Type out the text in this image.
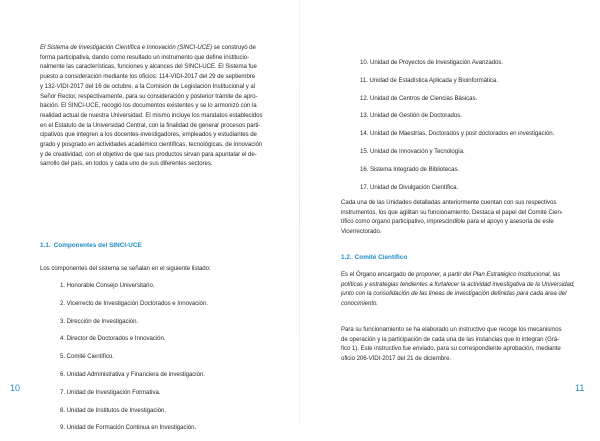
El Sistema de Investigación Científica e Innovación (SINCI-UCE) se construyó de
forma participativa, dando como resultado un instrumento que define institucio-
nalmente las características, funciones y alcances del SINCI-UCE. El Sistema fue
puesto a consideración mediante los oficios: 114-VIDI-2017 del 29 de septiembre
y 132-VIDI-2017 del 16 de octubre, a la Comisión de Legislación Institucional y al
Señor Rector, respectivamente, para su consideración y posterior trámite de apro-
bación. El SINCI-UCE, recogió los documentos existentes y se lo armonizó con la
realidad actual de nuestra Universidad. El mismo incluye los mandatos establecidos
en el Estatuto de la Universidad Central, con la finalidad de generar procesos parti-
cipativos que integren a los docentes-investigadores, empleados y estudiantes de
grado y posgrado en actividades académico científicas, tecnológicas, de innovación
y de creatividad, con el objetivo de que sus productos sirvan para apuntalar el de-
sarrollo del país, en todos y cada uno de sus diferentes sectores.
1.1. Componentes del SINCI-UCE

Los componentes del sistema se señalan en el siguiente listado:

1. Honorable Consejo Universitario.
2. Vicerrecto de Investigación Doctorados e Innovación.
3. Dirección de Investigación.
4. Director de Doctorados e Innovación.
5. Comité Científico.
6. Unidad Administrativa y Financiera de investigación.
7. Unidad de Investigación Formativa.
8. Unidad de Institutos de Investigación.
9. Unidad de Formación Continua en Investigación.
10
10. Unidad de Proyectos de Investigación Avanzados.
11. Unidad de Estadística Aplicada y Bioinformática.
12. Unidad de Centros de Ciencias Básicas.
13. Unidad de Gestión de Doctorados.
14. Unidad de Maestrías, Doctorados y post doctorados en investigación.
15. Unidad de Innovación y Tecnología.
16. Sistema Integrado de Bibliotecas.
17. Unidad de Divulgación Científica.
Cada una de las Unidades detalladas anteriormente cuentan con sus respectivos
instrumentos, los que agilitan su funcionamiento. Destaca el papel del Comité Cien-
tífico como órgano participativo, imprescindible para el apoyo y asesoría de este
Vicerrectorado.
1.2. Comité Científico
Es el Órgano encargado de proponer, a partir del Plan Estratégico Institucional, las
políticas y estrategias tendientes a fortalecer la actividad investigativa de la Universidad,
junto con la consolidación de las líneas de investigación definidas para cada área del
conocimiento.
Para su funcionamiento se ha elaborado un instructivo que recoge los mecanismos
de operación y la participación de cada una de las instancias que lo integran (Grá-
fico 1). Este instructivo fue enviado, para su correspondiente aprobación, mediante
oficio 206-VIDI-2017 del 21 de diciembre.
11
